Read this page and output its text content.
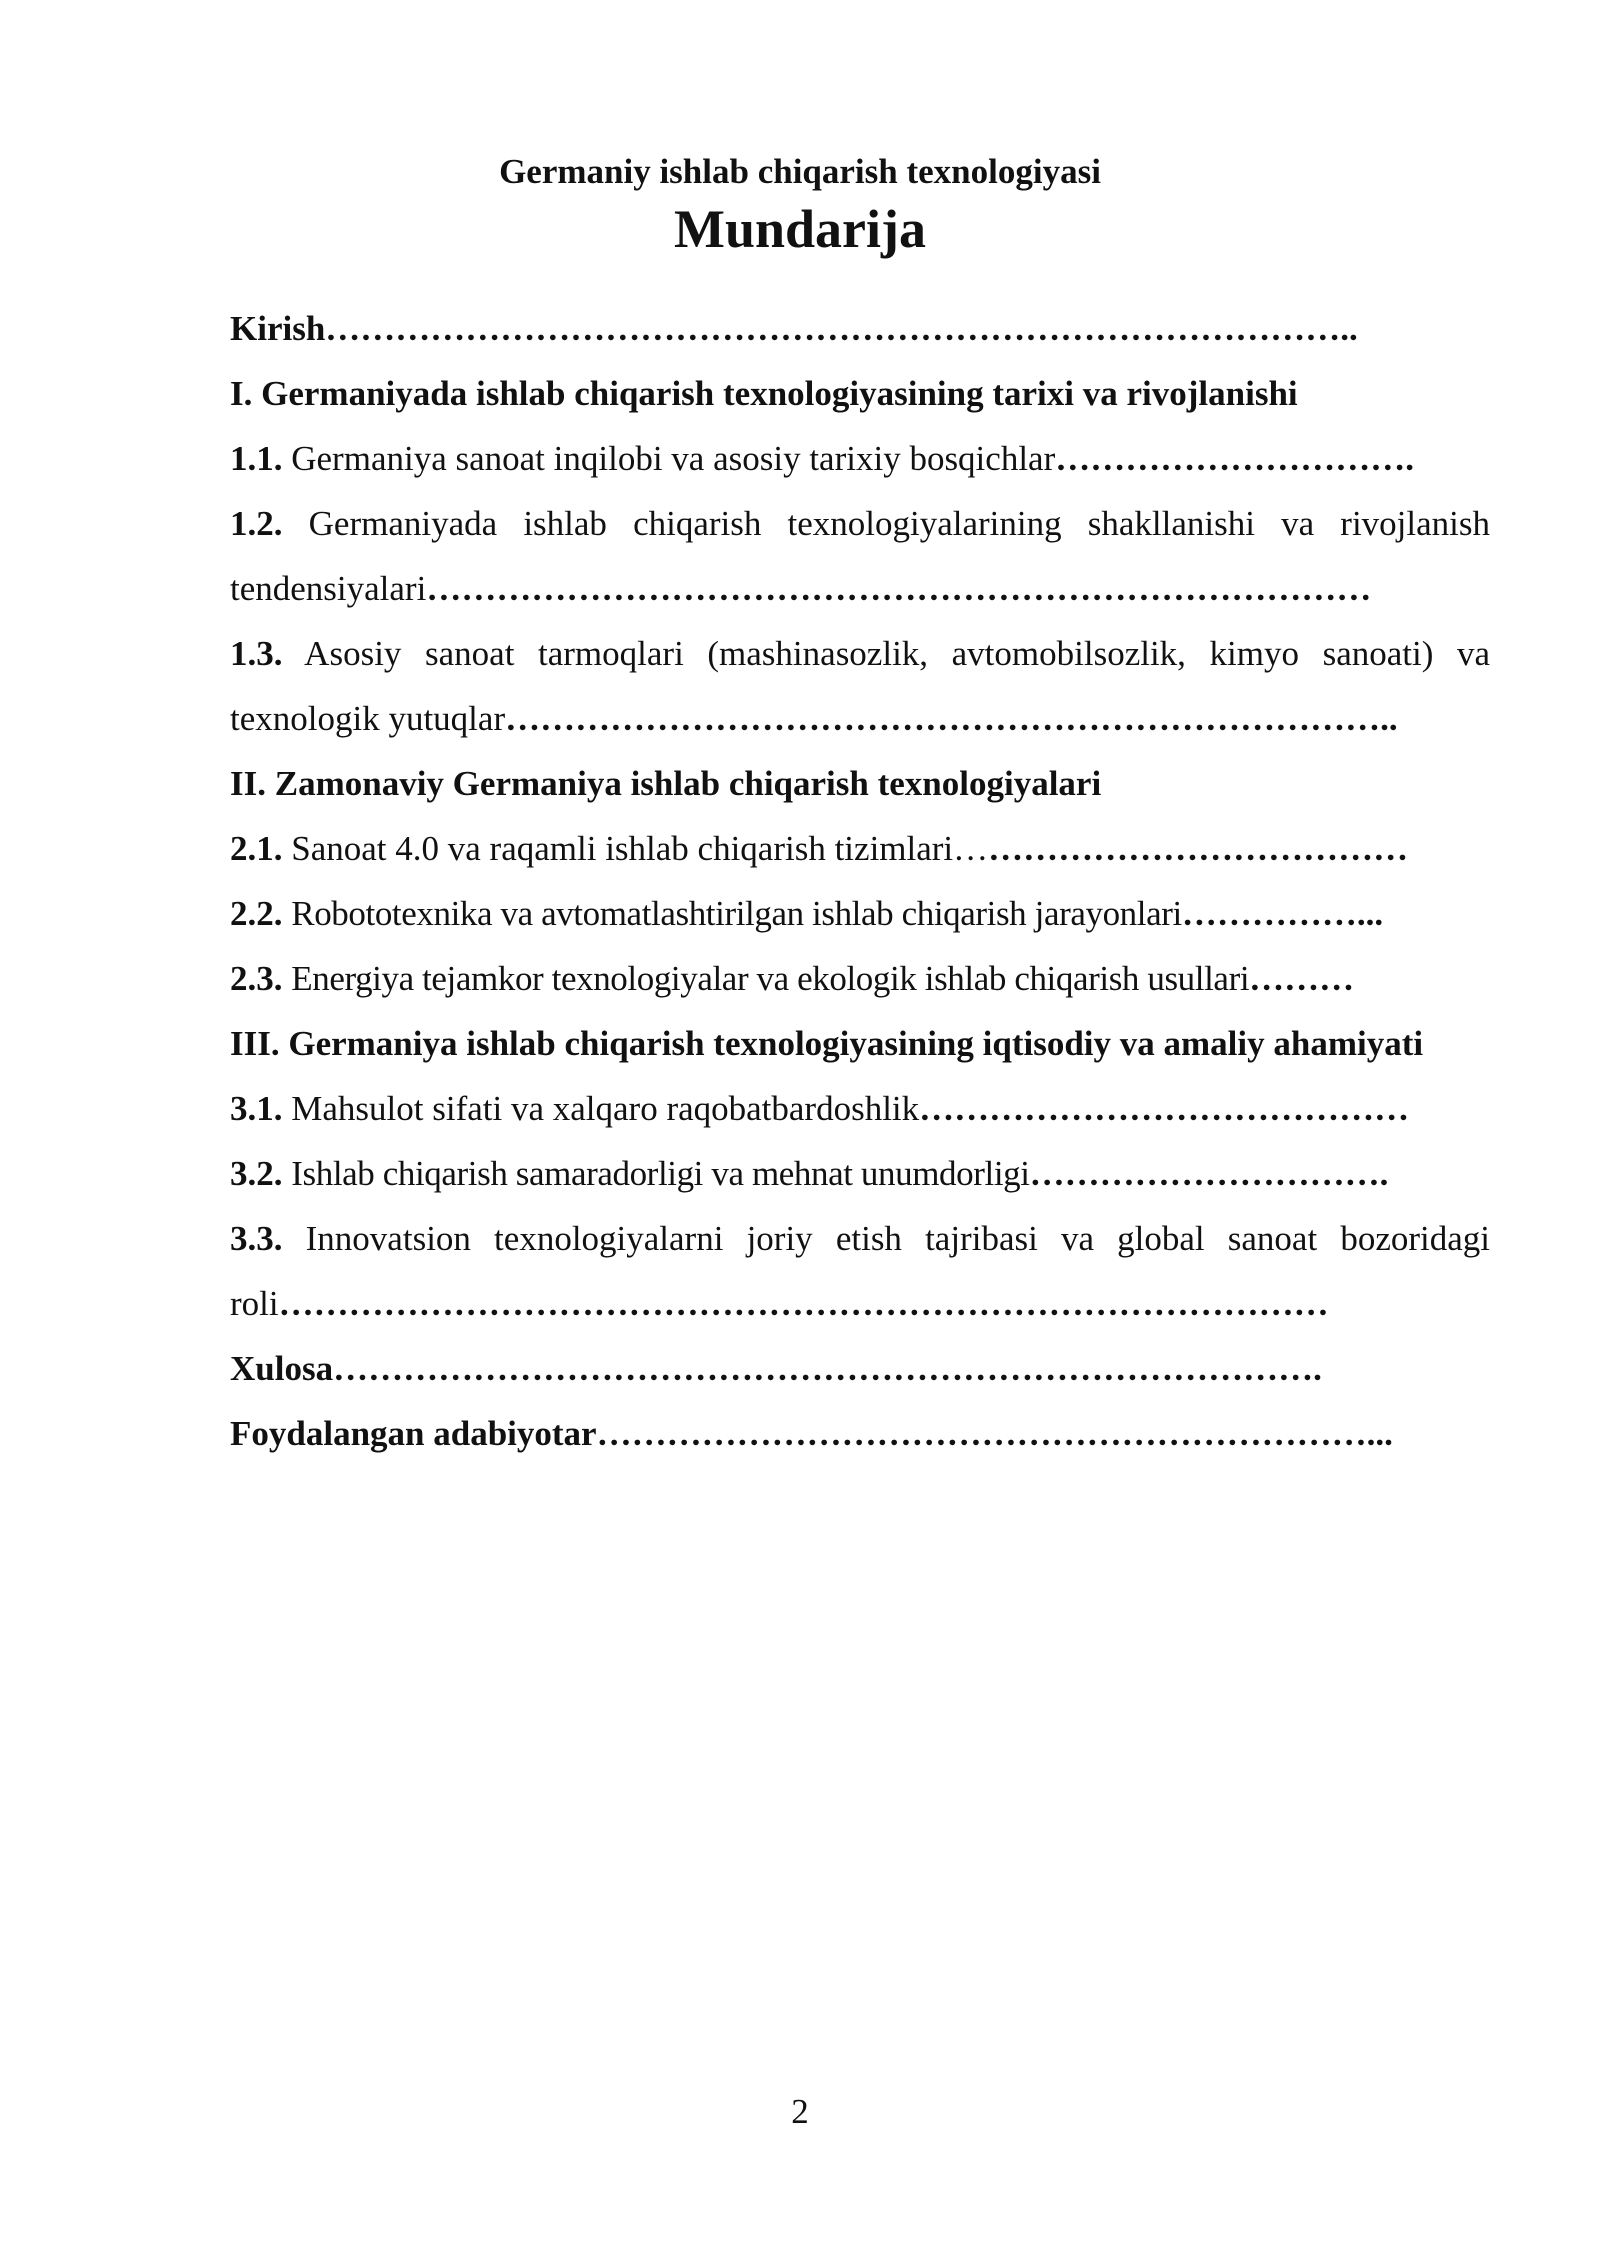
Germaniy ishlab chiqarish texnologiyasi
Mundarija

Kirish……………………………………………………………………………..

I. Germaniyada ishlab chiqarish texnologiyasining tarixi va rivojlanishi

1.1. Germaniya sanoat inqilobi va asosiy tarixiy bosqichlar………………………….

1.2. Germaniyada ishlab chiqarish texnologiyalarining shakllanishi va rivojlanish tendensiyalari………………………………………………………………………

1.3. Asosiy sanoat tarmoqlari (mashinasozlik, avtomobilsozlik, kimyo sanoati) va texnologik yutuqlar…………………………………………………………………..

II. Zamonaviy Germaniya ishlab chiqarish texnologiyalari

2.1. Sanoat 4.0 va raqamli ishlab chiqarish tizimlari…………………………………

2.2. Robototexnika va avtomatlashtirilgan ishlab chiqarish jarayonlari……………...

2.3. Energiya tejamkor texnologiyalar va ekologik ishlab chiqarish usullari………

III. Germaniya ishlab chiqarish texnologiyasining iqtisodiy va amaliy ahamiyati

3.1. Mahsulot sifati va xalqaro raqobatbardoshlik……………………………………

3.2. Ishlab chiqarish samaradorligi va mehnat unumdorligi………………………….

3.3. Innovatsion texnologiyalarni joriy etish tajribasi va global sanoat bozoridagi roli………………………………………………………………………………

Xulosa………………………………………………………………………….

Foydalangan adabiyotar…………………………………………………………...

2
